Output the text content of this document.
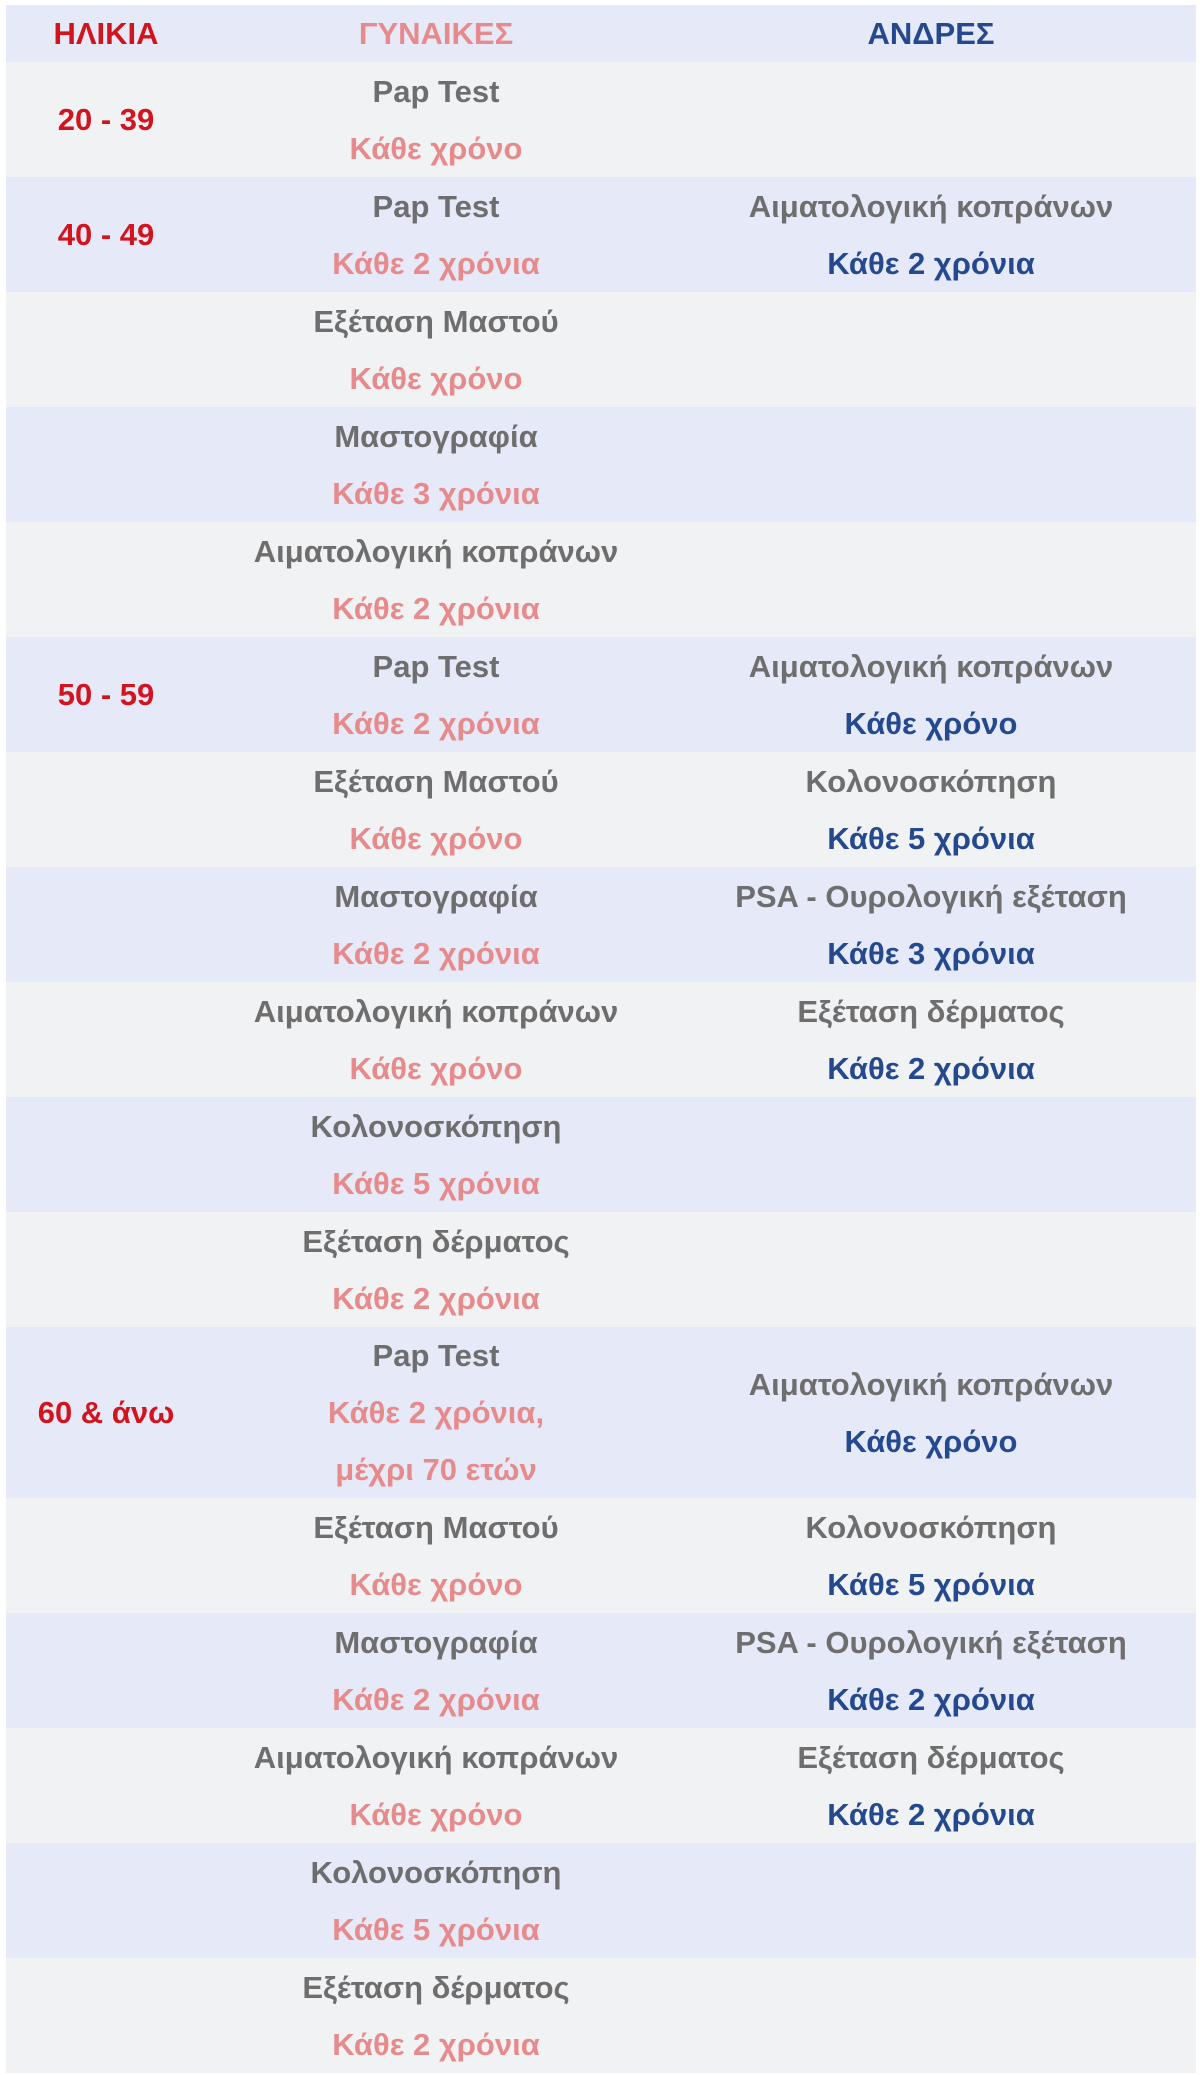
ΗΛΙΚΙΑ	ΓΥΝΑΙΚΕΣ	ΑΝΔΡΕΣ
20 - 39
Pap Test
Κάθε χρόνο
40 - 49
Pap Test
Κάθε 2 χρόνια
Αιματολογική κοπράνων
Κάθε 2 χρόνια
Εξέταση Μαστού
Κάθε χρόνο
Μαστογραφία
Κάθε 3 χρόνια
Αιματολογική κοπράνων
Κάθε 2 χρόνια
50 - 59
Pap Test
Κάθε 2 χρόνια
Αιματολογική κοπράνων
Κάθε χρόνο
Εξέταση Μαστού
Κάθε χρόνο
Κολονοσκόπηση
Κάθε 5 χρόνια
Μαστογραφία
Κάθε 2 χρόνια
PSA - Ουρολογική εξέταση
Κάθε 3 χρόνια
Αιματολογική κοπράνων
Κάθε χρόνο
Εξέταση δέρματος
Κάθε 2 χρόνια
Κολονοσκόπηση
Κάθε 5 χρόνια
Εξέταση δέρματος
Κάθε 2 χρόνια
60 & άνω
Pap Test
Κάθε 2 χρόνια,
μέχρι 70 ετών
Αιματολογική κοπράνων
Κάθε χρόνο
Εξέταση Μαστού
Κάθε χρόνο
Κολονοσκόπηση
Κάθε 5 χρόνια
Μαστογραφία
Κάθε 2 χρόνια
PSA - Ουρολογική εξέταση
Κάθε 2 χρόνια
Αιματολογική κοπράνων
Κάθε χρόνο
Εξέταση δέρματος
Κάθε 2 χρόνια
Κολονοσκόπηση
Κάθε 5 χρόνια
Εξέταση δέρματος
Κάθε 2 χρόνια
